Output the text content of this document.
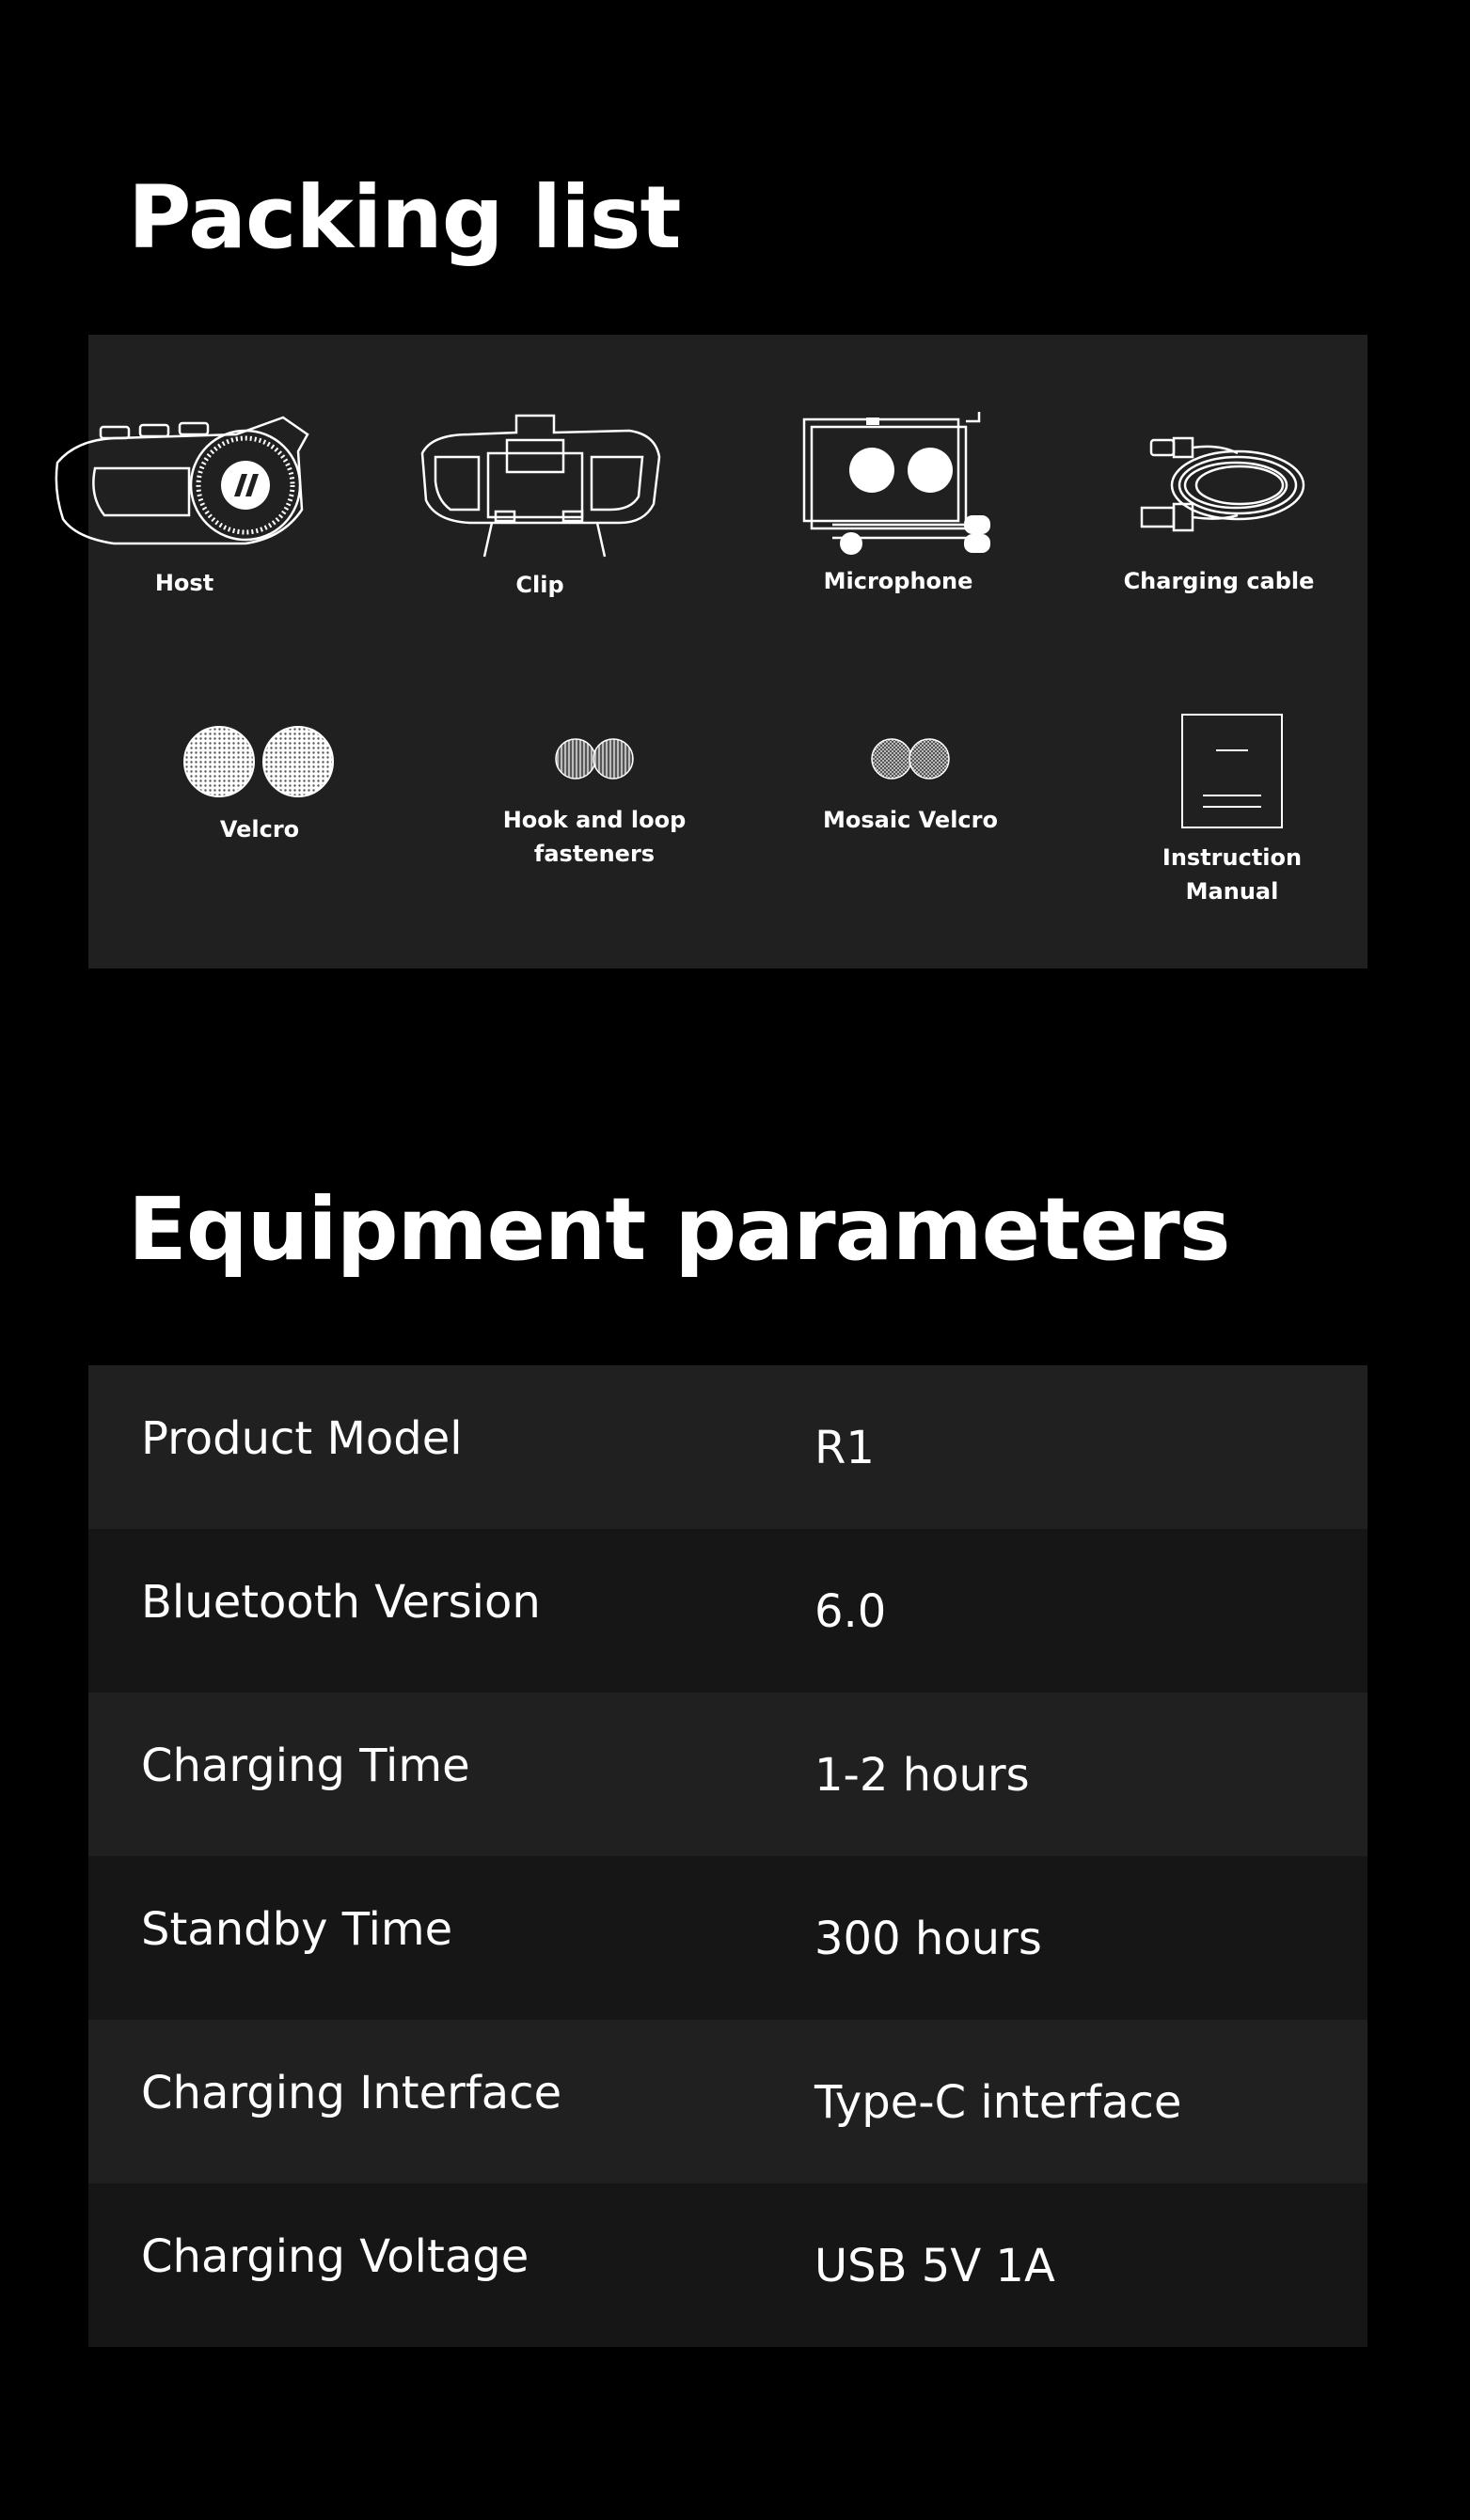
Packing list
Host	Clip	Microphone	Charging cable
Velcro	Hook and loop fasteners
Mosaic Velcro
Instruction Manual
Equipment parameters
Product Model	R1
Bluetooth Version	6.0
Charging Time	1-2 hours
Standby Time	300 hours
Charging Interface	Type-C interface
Charging Voltage	USB 5V 1A
